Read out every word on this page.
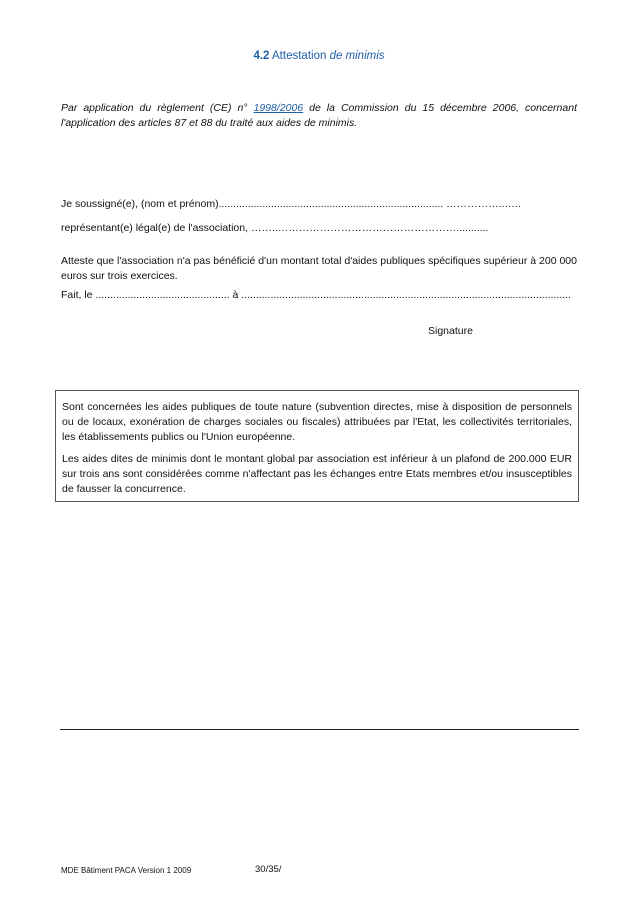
4.2 Attestation de minimis
Par application du règlement (CE) n° 1998/2006 de la Commission du 15 décembre 2006, concernant l'application des articles 87 et 88 du traité aux aides de minimis.
Je soussigné(e), (nom et prénom)............................................................................. ……………..…..
représentant(e) légal(e) de l'association, ……..……………………………………………...........
Atteste que l'association n'a pas bénéficié d'un montant total d'aides publiques spécifiques supérieur à 200 000 euros sur trois exercices.
Fait, le .............................................. à .................................................................................................................
Signature

Sont concernées les aides publiques de toute nature (subvention directes, mise à disposition de personnels ou de locaux, exonération de charges sociales ou fiscales) attribuées par l'Etat, les collectivités territoriales, les établissements publics ou l'Union européenne.

Les aides dites de minimis dont le montant global par association est inférieur à un plafond de 200.000 EUR sur trois ans sont considérées comme n'affectant pas les échanges entre Etats membres et/ou insusceptibles de fausser la concurrence.

MDE Bâtiment PACA Version 1 2009	30/35/
